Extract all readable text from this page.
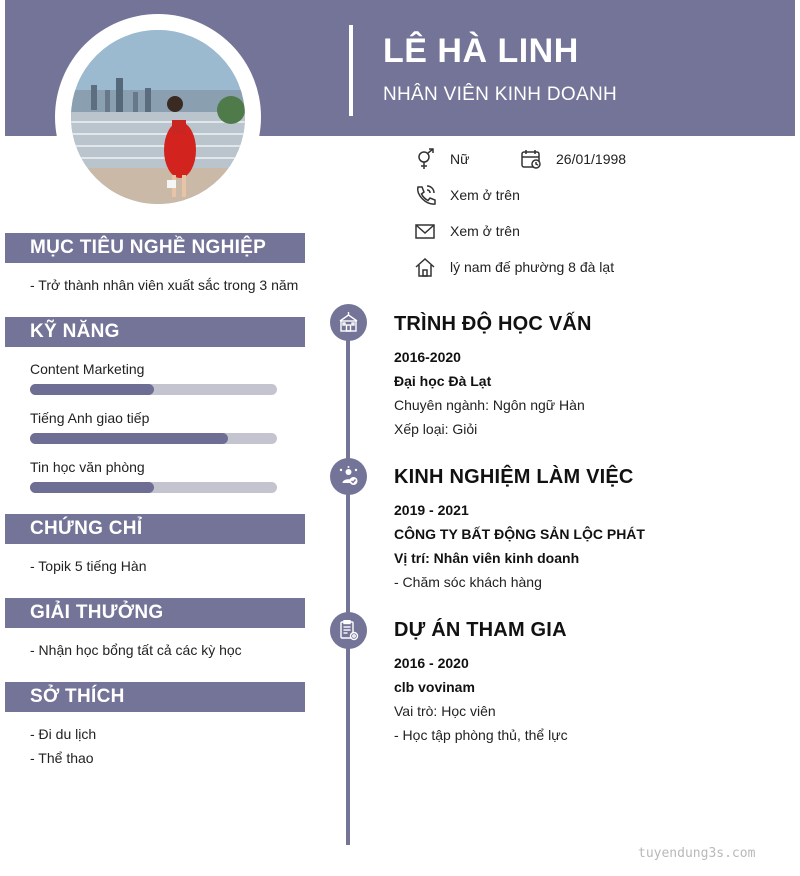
LÊ HÀ LINH
NHÂN VIÊN KINH DOANH
Nữ	26/01/1998
Xem ở trên
Xem ở trên
lý nam đế phường 8 đà lạt
MỤC TIÊU NGHỀ NGHIỆP
- Trở thành nhân viên xuất sắc trong 3 năm
KỸ NĂNG
Content Marketing
Tiếng Anh giao tiếp
Tin học văn phòng
CHỨNG CHỈ
- Topik 5 tiếng Hàn
GIẢI THƯỞNG
- Nhận học bổng tất cả các kỳ học
SỞ THÍCH
- Đi du lịch
- Thể thao
TRÌNH ĐỘ HỌC VẤN
2016-2020
Đại học Đà Lạt
Chuyên ngành: Ngôn ngữ Hàn
Xếp loại: Giỏi
KINH NGHIỆM LÀM VIỆC
2019 - 2021
CÔNG TY BẤT ĐỘNG SẢN LỘC PHÁT
Vị trí: Nhân viên kinh doanh
- Chăm sóc khách hàng
DỰ ÁN THAM GIA
2016 - 2020
clb vovinam
Vai trò: Học viên
- Học tập phòng thủ, thể lực
tuyendung3s.com
